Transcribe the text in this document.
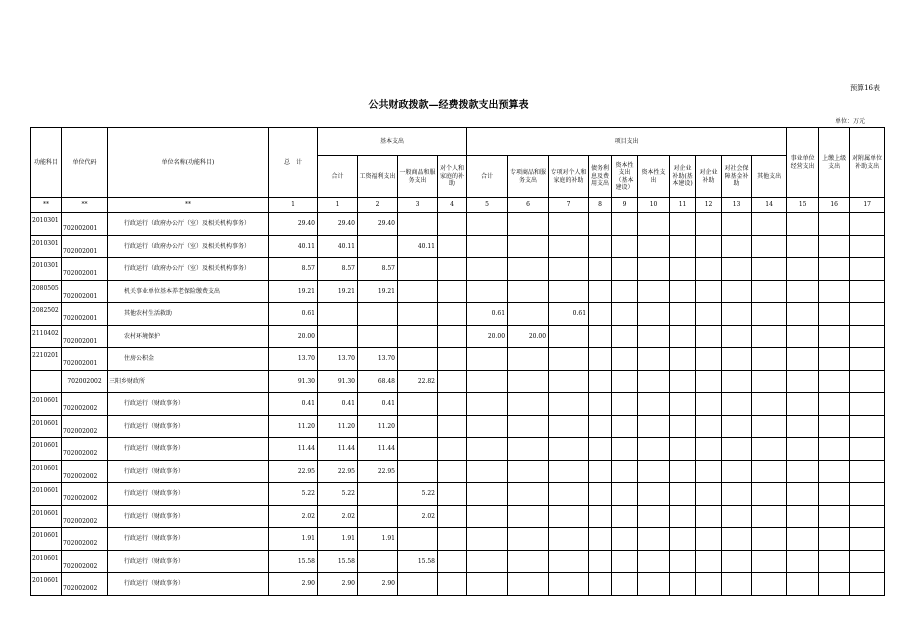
预算16表
公共财政拨款—经费拨款支出预算表
单位：万元
功能科目	单位代码	单位名称(功能科目)	总　计	基本支出				项目支出										事业单位经营支出	上缴上级支出	对附属单位补助支出
				合计	工资福利支出	一般商品和服务支出	对个人和家庭的补助	合计	专项商品和服务支出	专项对个人和家庭的补助	债务利息及费用支出	资本性支出（基本建设）	资本性支出	对企业补助(基本建设)	对企业补助	对社会保障基金补助	其他支出			
**	**	**	1	1	2	3	4	5	6	7	8	9	10	11	12	13	14	15	16	17
2010301	702002001	行政运行（政府办公厅（室）及相关机构事务）	29.40	29.40	29.40															
2010301	702002001	行政运行（政府办公厅（室）及相关机构事务）	40.11	40.11		40.11														
2010301	702002001	行政运行（政府办公厅（室）及相关机构事务）	8.57	8.57	8.57															
2080505	702002001	机关事业单位基本养老保险缴费支出	19.21	19.21	19.21															
2082502	702002001	其他农村生活救助	0.61					0.61		0.61										
2110402	702002001	农村环境保护	20.00					20.00	20.00											
2210201	702002001	住房公积金	13.70	13.70	13.70															
	702002002	三阳乡财政所	91.30	91.30	68.48	22.82														
2010601	702002002	行政运行（财政事务）	0.41	0.41	0.41															
2010601	702002002	行政运行（财政事务）	11.20	11.20	11.20															
2010601	702002002	行政运行（财政事务）	11.44	11.44	11.44															
2010601	702002002	行政运行（财政事务）	22.95	22.95	22.95															
2010601	702002002	行政运行（财政事务）	5.22	5.22		5.22														
2010601	702002002	行政运行（财政事务）	2.02	2.02		2.02														
2010601	702002002	行政运行（财政事务）	1.91	1.91	1.91															
2010601	702002002	行政运行（财政事务）	15.58	15.58		15.58														
2010601	702002002	行政运行（财政事务）	2.90	2.90	2.90															
